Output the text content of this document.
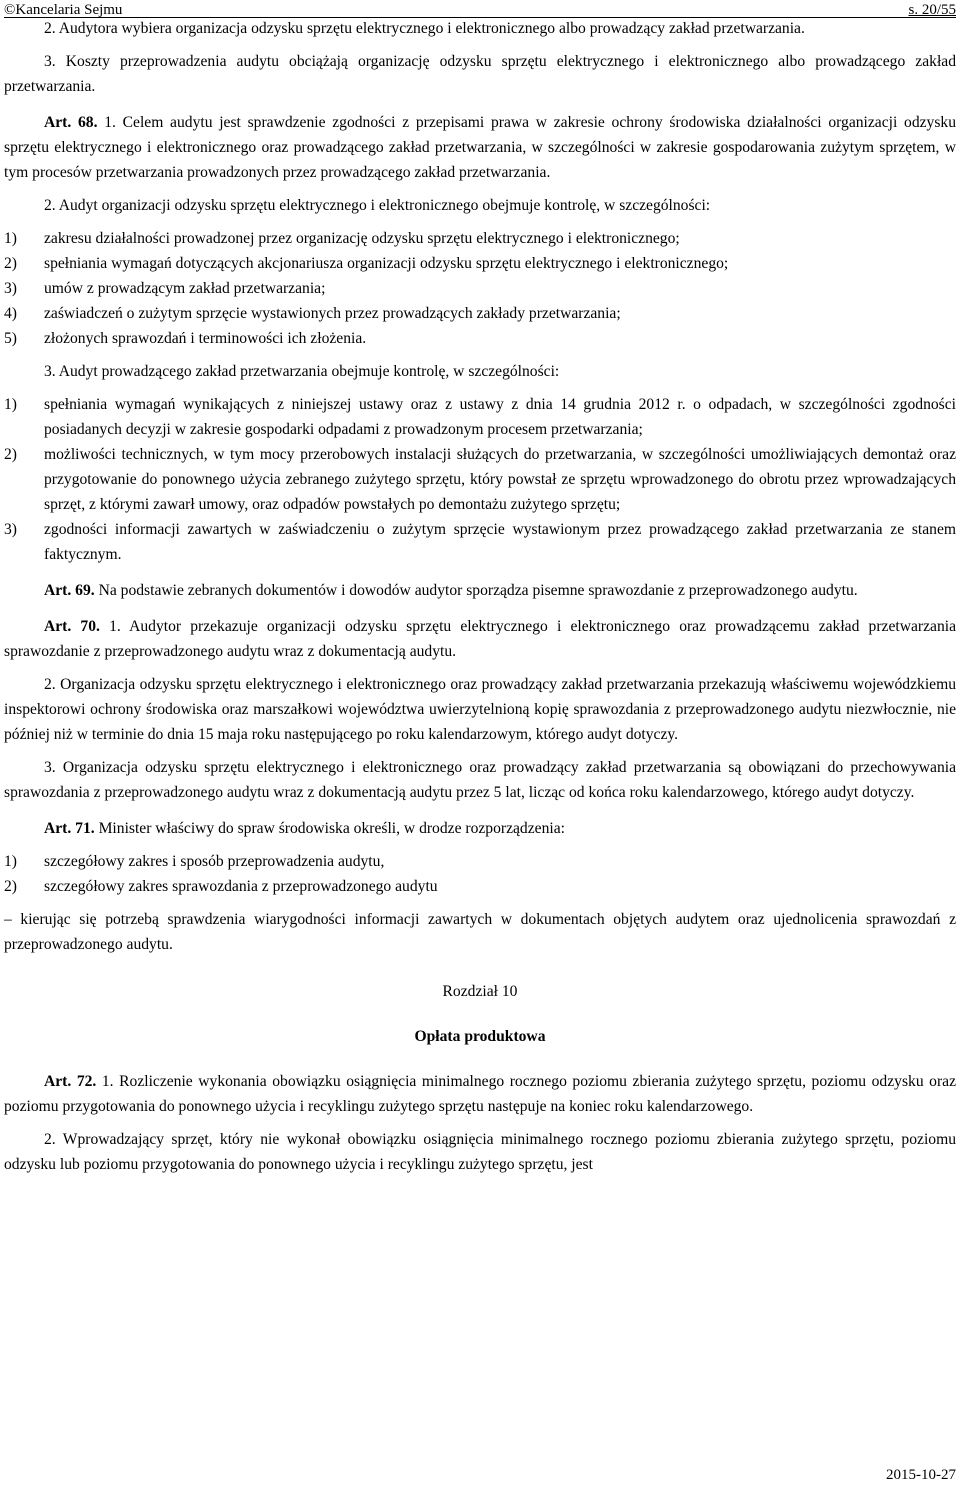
©Kancelaria Sejmu	s. 20/55

2. Audytora wybiera organizacja odzysku sprzętu elektrycznego i elektronicznego albo prowadzący zakład przetwarzania.

3. Koszty przeprowadzenia audytu obciążają organizację odzysku sprzętu elektrycznego i elektronicznego albo prowadzącego zakład przetwarzania.

Art. 68. 1. Celem audytu jest sprawdzenie zgodności z przepisami prawa w zakresie ochrony środowiska działalności organizacji odzysku sprzętu elektrycznego i elektronicznego oraz prowadzącego zakład przetwarzania, w szczególności w zakresie gospodarowania zużytym sprzętem, w tym procesów przetwarzania prowadzonych przez prowadzącego zakład przetwarzania.

2. Audyt organizacji odzysku sprzętu elektrycznego i elektronicznego obejmuje kontrolę, w szczególności:

1)	zakresu działalności prowadzonej przez organizację odzysku sprzętu elektrycznego i elektronicznego;
2)	spełniania wymagań dotyczących akcjonariusza organizacji odzysku sprzętu elektrycznego i elektronicznego;
3)	umów z prowadzącym zakład przetwarzania;
4)	zaświadczeń o zużytym sprzęcie wystawionych przez prowadzących zakłady przetwarzania;
5)	złożonych sprawozdań i terminowości ich złożenia.

3. Audyt prowadzącego zakład przetwarzania obejmuje kontrolę, w szczególności:

1)	spełniania wymagań wynikających z niniejszej ustawy oraz z ustawy z dnia 14 grudnia 2012 r. o odpadach, w szczególności zgodności posiadanych decyzji w zakresie gospodarki odpadami z prowadzonym procesem przetwarzania;
2)	możliwości technicznych, w tym mocy przerobowych instalacji służących do przetwarzania, w szczególności umożliwiających demontaż oraz przygotowanie do ponownego użycia zebranego zużytego sprzętu, który powstał ze sprzętu wprowadzonego do obrotu przez wprowadzających sprzęt, z którymi zawarł umowy, oraz odpadów powstałych po demontażu zużytego sprzętu;
3)	zgodności informacji zawartych w zaświadczeniu o zużytym sprzęcie wystawionym przez prowadzącego zakład przetwarzania ze stanem faktycznym.

Art. 69. Na podstawie zebranych dokumentów i dowodów audytor sporządza pisemne sprawozdanie z przeprowadzonego audytu.

Art. 70. 1. Audytor przekazuje organizacji odzysku sprzętu elektrycznego i elektronicznego oraz prowadzącemu zakład przetwarzania sprawozdanie z przeprowadzonego audytu wraz z dokumentacją audytu.

2. Organizacja odzysku sprzętu elektrycznego i elektronicznego oraz prowadzący zakład przetwarzania przekazują właściwemu wojewódzkiemu inspektorowi ochrony środowiska oraz marszałkowi województwa uwierzytelnioną kopię sprawozdania z przeprowadzonego audytu niezwłocznie, nie później niż w terminie do dnia 15 maja roku następującego po roku kalendarzowym, którego audyt dotyczy.

3. Organizacja odzysku sprzętu elektrycznego i elektronicznego oraz prowadzący zakład przetwarzania są obowiązani do przechowywania sprawozdania z przeprowadzonego audytu wraz z dokumentacją audytu przez 5 lat, licząc od końca roku kalendarzowego, którego audyt dotyczy.

Art. 71. Minister właściwy do spraw środowiska określi, w drodze rozporządzenia:

1)	szczegółowy zakres i sposób przeprowadzenia audytu,
2)	szczegółowy zakres sprawozdania z przeprowadzonego audytu

– kierując się potrzebą sprawdzenia wiarygodności informacji zawartych w dokumentach objętych audytem oraz ujednolicenia sprawozdań z przeprowadzonego audytu.

Rozdział 10

Opłata produktowa

Art. 72. 1. Rozliczenie wykonania obowiązku osiągnięcia minimalnego rocznego poziomu zbierania zużytego sprzętu, poziomu odzysku oraz poziomu przygotowania do ponownego użycia i recyklingu zużytego sprzętu następuje na koniec roku kalendarzowego.

2. Wprowadzający sprzęt, który nie wykonał obowiązku osiągnięcia minimalnego rocznego poziomu zbierania zużytego sprzętu, poziomu odzysku lub poziomu przygotowania do ponownego użycia i recyklingu zużytego sprzętu, jest

2015-10-27
